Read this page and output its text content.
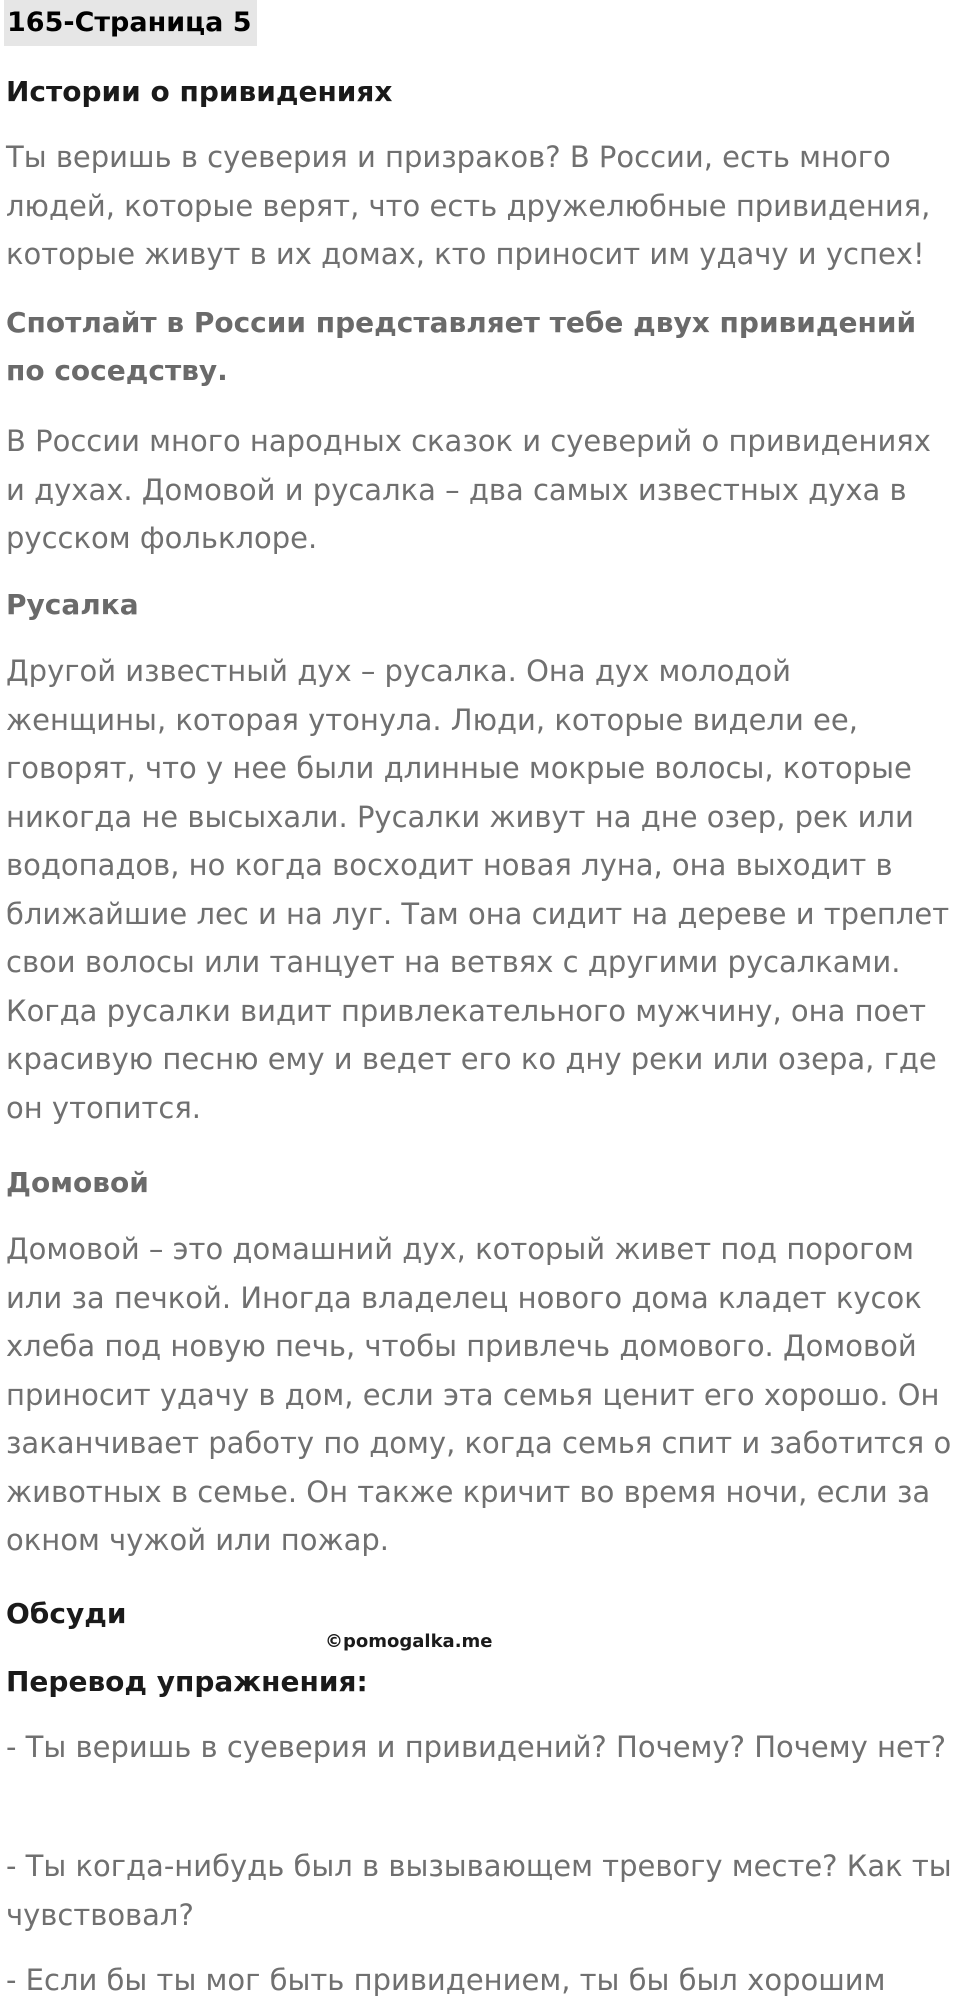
165-Страница 5
Истории о привидениях

Ты веришь в суеверия и призраков? В России, есть много людей, которые верят, что есть дружелюбные привидения, которые живут в их домах, кто приносит им удачу и успех!

Спотлайт в России представляет тебе двух привидений по соседству.

В России много народных сказок и суеверий о привидениях и духах. Домовой и русалка – два самых известных духа в русском фольклоре.

Русалка

Другой известный дух – русалка. Она дух молодой женщины, которая утонула. Люди, которые видели ее, говорят, что у нее были длинные мокрые волосы, которые никогда не высыхали. Русалки живут на дне озер, рек или водопадов, но когда восходит новая луна, она выходит в ближайшие лес и на луг. Там она сидит на дереве и треплет свои волосы или танцует на ветвях с другими русалками. Когда русалки видит привлекательного мужчину, она поет красивую песню ему и ведет его ко дну реки или озера, где он утопится.

Домовой

Домовой – это домашний дух, который живет под порогом или за печкой. Иногда владелец нового дома кладет кусок хлеба под новую печь, чтобы привлечь домового. Домовой приносит удачу в дом, если эта семья ценит его хорошо. Он заканчивает работу по дому, когда семья спит и заботится о животных в семье. Он также кричит во время ночи, если за окном чужой или пожар.

Обсуди
©pomogalka.me
Перевод упражнения:

- Ты веришь в суеверия и привидений? Почему? Почему нет?

- Ты когда-нибудь был в вызывающем тревогу месте? Как ты чувствовал?

- Если бы ты мог быть привидением, ты бы был хорошим
